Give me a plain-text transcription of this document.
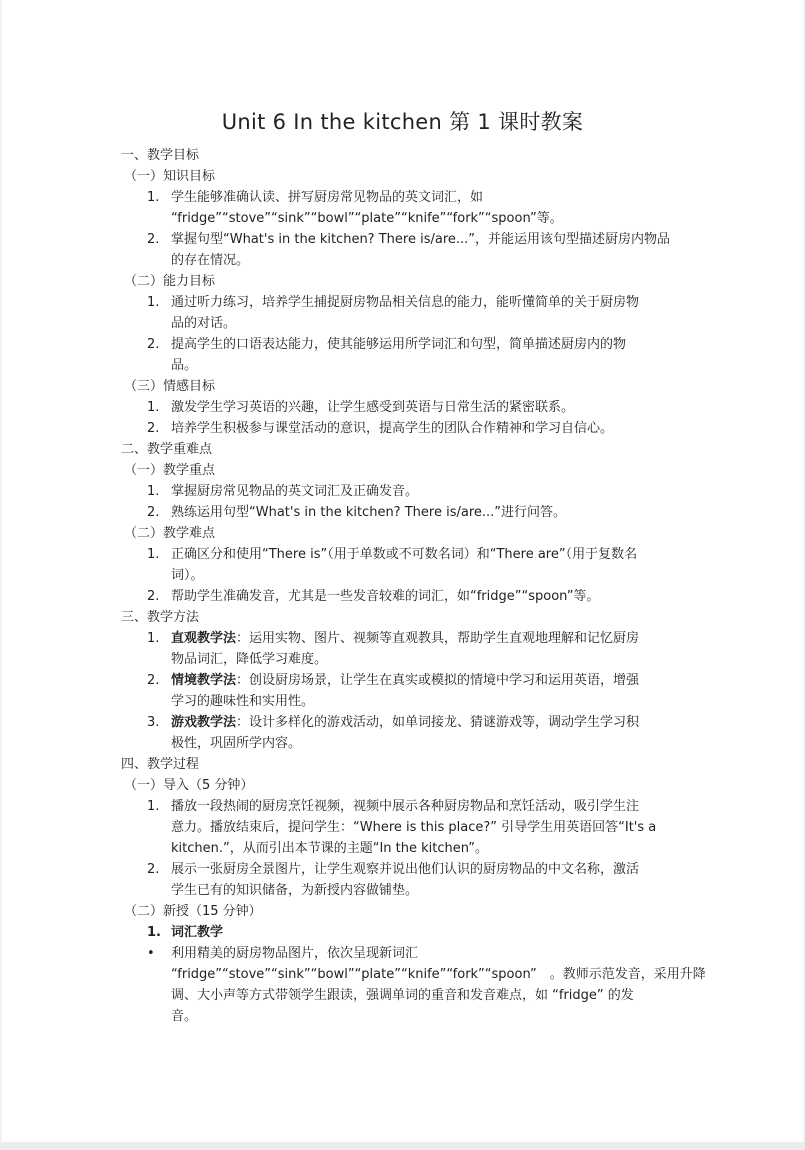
Unit 6 In the kitchen 第 1 课时教案
一、教学目标
（一）知识目标
1. 学生能够准确认读、拼写厨房常见物品的英文词汇，如
“fridge”“stove”“sink”“bowl”“plate”“knife”“fork”“spoon”等。
2. 掌握句型“What's in the kitchen? There is/are...”，并能运用该句型描述厨房内物品
的存在情况。
（二）能力目标
1. 通过听力练习，培养学生捕捉厨房物品相关信息的能力，能听懂简单的关于厨房物
品的对话。
2. 提高学生的口语表达能力，使其能够运用所学词汇和句型，简单描述厨房内的物
品。
（三）情感目标
1. 激发学生学习英语的兴趣，让学生感受到英语与日常生活的紧密联系。
2. 培养学生积极参与课堂活动的意识，提高学生的团队合作精神和学习自信心。
二、教学重难点
（一）教学重点
1. 掌握厨房常见物品的英文词汇及正确发音。
2. 熟练运用句型“What's in the kitchen? There is/are...”进行问答。
（二）教学难点
1. 正确区分和使用“There is”（用于单数或不可数名词）和“There are”（用于复数名
词）。
2. 帮助学生准确发音，尤其是一些发音较难的词汇，如“fridge”“spoon”等。
三、教学方法
1. 直观教学法：运用实物、图片、视频等直观教具，帮助学生直观地理解和记忆厨房
物品词汇，降低学习难度。
2. 情境教学法：创设厨房场景，让学生在真实或模拟的情境中学习和运用英语，增强
学习的趣味性和实用性。
3. 游戏教学法：设计多样化的游戏活动，如单词接龙、猜谜游戏等，调动学生学习积
极性，巩固所学内容。
四、教学过程
（一）导入（5 分钟）
1. 播放一段热闹的厨房烹饪视频，视频中展示各种厨房物品和烹饪活动，吸引学生注
意力。播放结束后，提问学生：“Where is this place?” 引导学生用英语回答“It's a
kitchen.”，从而引出本节课的主题“In the kitchen”。
2. 展示一张厨房全景图片，让学生观察并说出他们认识的厨房物品的中文名称，激活
学生已有的知识储备，为新授内容做铺垫。
（二）新授（15 分钟）
1. 词汇教学
• 利用精美的厨房物品图片，依次呈现新词汇
“fridge”“stove”“sink”“bowl”“plate”“knife”“fork”“spoon”　。教师示范发音，采用升降
调、大小声等方式带领学生跟读，强调单词的重音和发音难点，如 “fridge” 的发
音。
